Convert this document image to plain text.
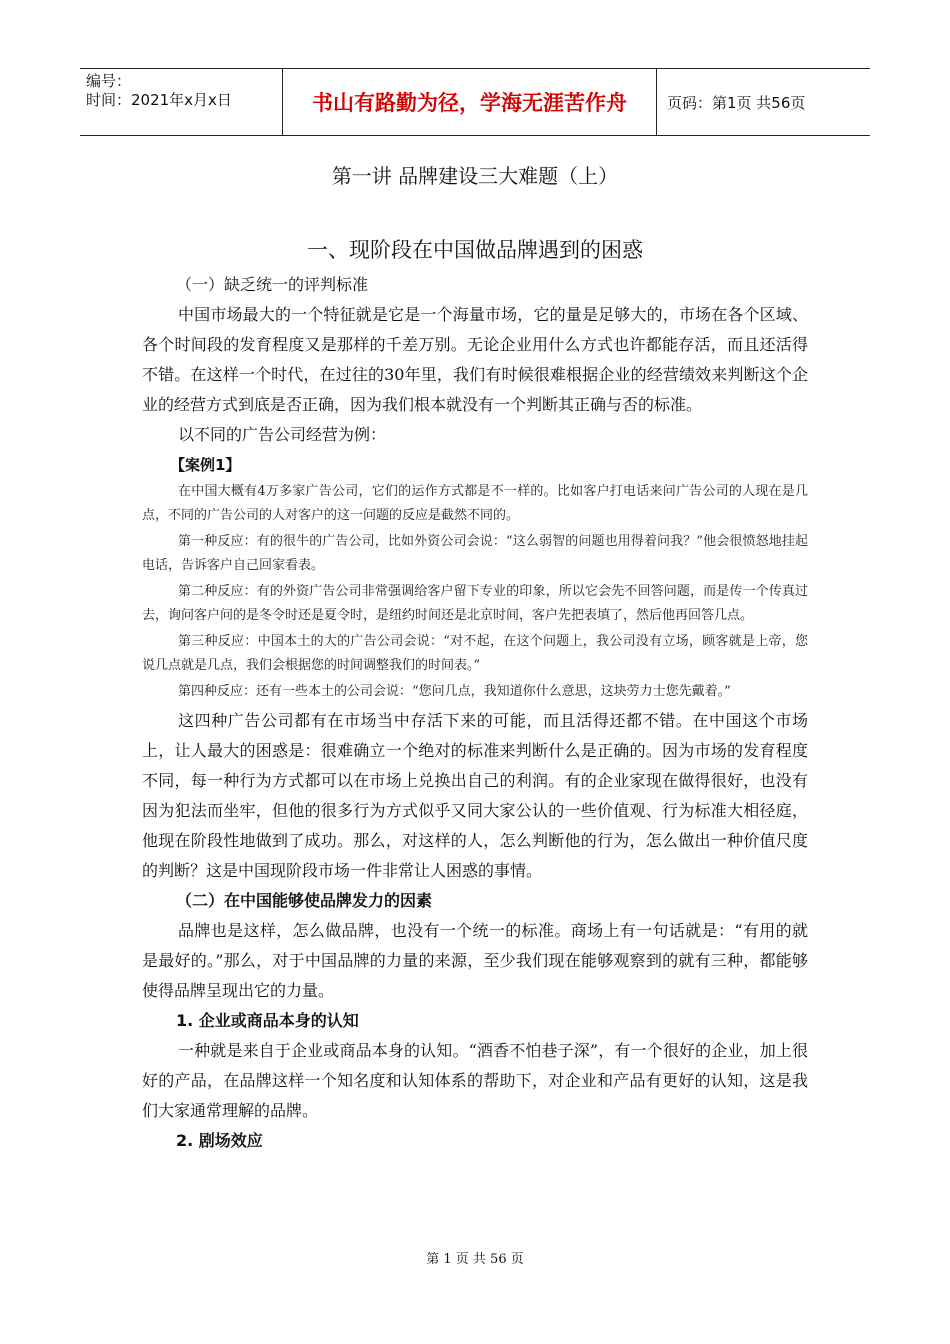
编号：
时间：2021年x月x日	书山有路勤为径，学海无涯苦作舟	页码：第1页 共56页
第一讲 品牌建设三大难题（上）
一、现阶段在中国做品牌遇到的困惑
（一）缺乏统一的评判标准

中国市场最大的一个特征就是它是一个海量市场，它的量是足够大的，市场在各个区域、各个时间段的发育程度又是那样的千差万别。无论企业用什么方式也许都能存活，而且还活得不错。在这样一个时代，在过往的30年里，我们有时候很难根据企业的经营绩效来判断这个企业的经营方式到底是否正确，因为我们根本就没有一个判断其正确与否的标准。

以不同的广告公司经营为例：

【案例1】

在中国大概有4万多家广告公司，它们的运作方式都是不一样的。比如客户打电话来问广告公司的人现在是几点，不同的广告公司的人对客户的这一问题的反应是截然不同的。

第一种反应：有的很牛的广告公司，比如外资公司会说：“这么弱智的问题也用得着问我？”他会很愤怒地挂起电话，告诉客户自己回家看表。

第二种反应：有的外资广告公司非常强调给客户留下专业的印象，所以它会先不回答问题，而是传一个传真过去，询问客户问的是冬令时还是夏令时，是纽约时间还是北京时间，客户先把表填了，然后他再回答几点。

第三种反应：中国本土的大的广告公司会说：“对不起，在这个问题上，我公司没有立场，顾客就是上帝，您说几点就是几点，我们会根据您的时间调整我们的时间表。”

第四种反应：还有一些本土的公司会说：“您问几点，我知道你什么意思，这块劳力士您先戴着。”

这四种广告公司都有在市场当中存活下来的可能，而且活得还都不错。在中国这个市场上，让人最大的困惑是：很难确立一个绝对的标准来判断什么是正确的。因为市场的发育程度不同，每一种行为方式都可以在市场上兑换出自己的利润。有的企业家现在做得很好，也没有因为犯法而坐牢，但他的很多行为方式似乎又同大家公认的一些价值观、行为标准大相径庭，他现在阶段性地做到了成功。那么，对这样的人，怎么判断他的行为，怎么做出一种价值尺度的判断？这是中国现阶段市场一件非常让人困惑的事情。

（二）在中国能够使品牌发力的因素

品牌也是这样，怎么做品牌，也没有一个统一的标准。商场上有一句话就是：“有用的就是最好的。”那么，对于中国品牌的力量的来源，至少我们现在能够观察到的就有三种，都能够使得品牌呈现出它的力量。

1. 企业或商品本身的认知

一种就是来自于企业或商品本身的认知。“酒香不怕巷子深”，有一个很好的企业，加上很好的产品，在品牌这样一个知名度和认知体系的帮助下，对企业和产品有更好的认知，这是我们大家通常理解的品牌。

2. 剧场效应
第 1 页 共 56 页
